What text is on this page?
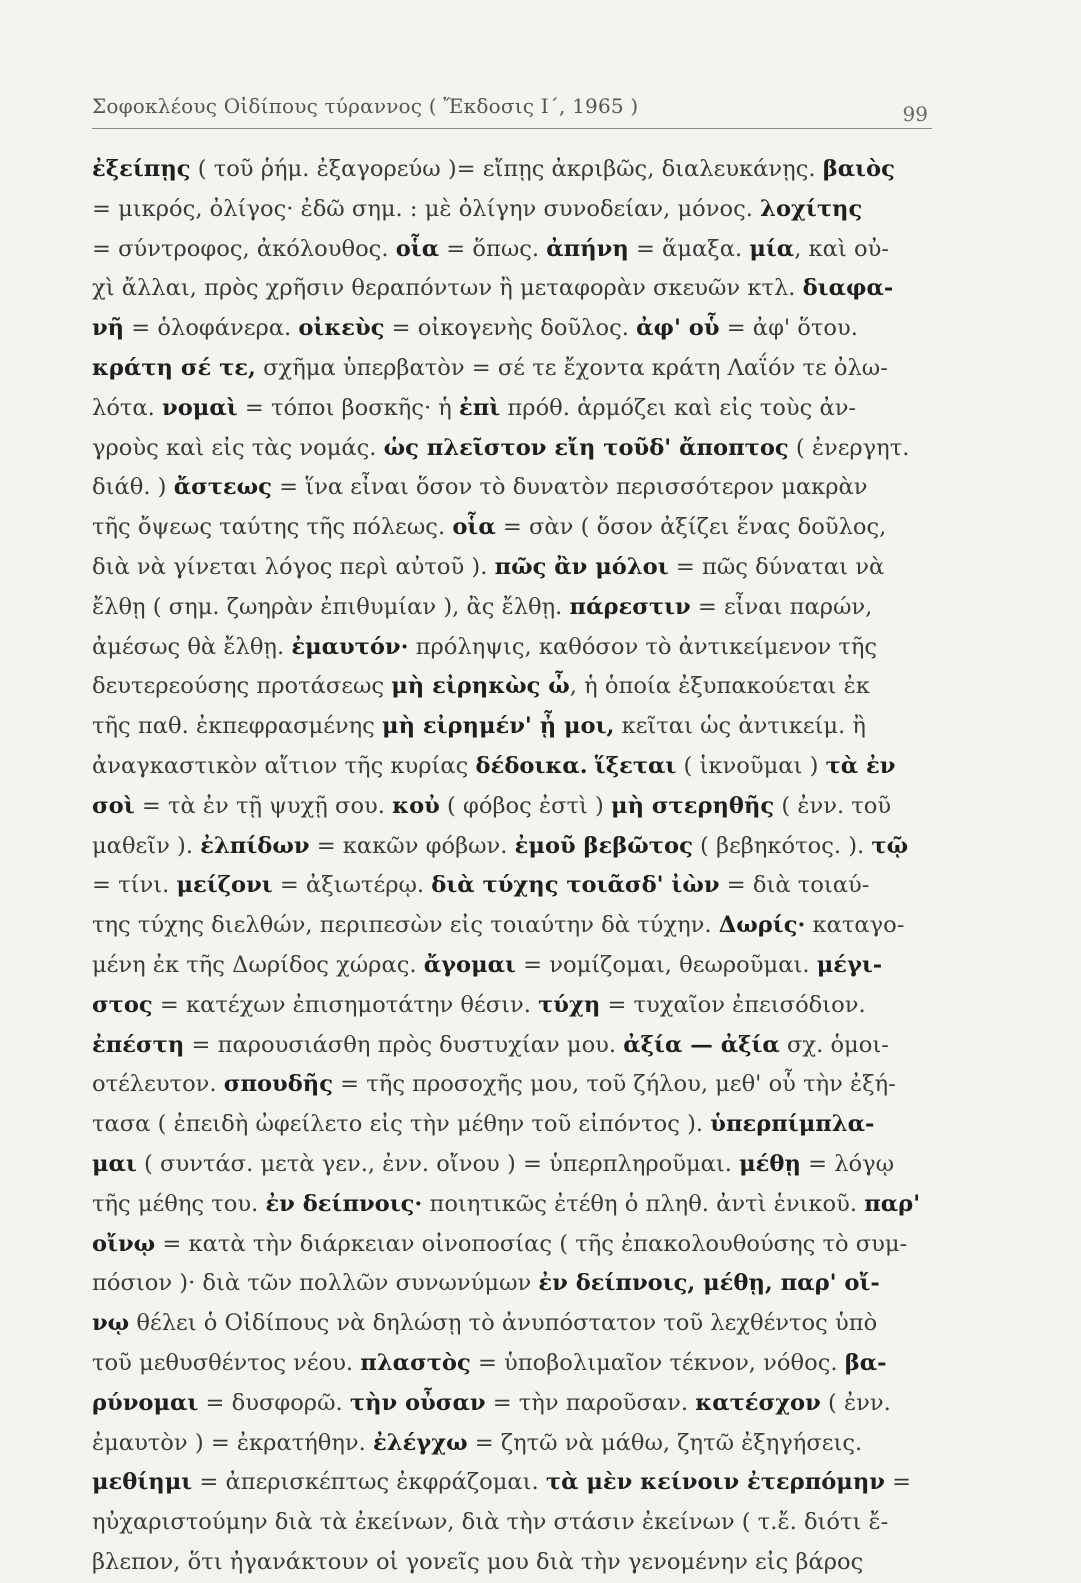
Σοφοκλέους Οἰδίπους τύραννος ( Ἔκδοσις Ι΄, 1965 )	99
ἐξείπῃς ( τοῦ ῥήμ. ἐξαγορεύω )= εἴπῃς ἀκριβῶς, διαλευκάνῃς. βαιὸς
= μικρός, ὀλίγος· ἐδῶ σημ. : μὲ ὀλίγην συνοδείαν, μόνος. λοχίτης
= σύντροφος, ἀκόλουθος. οἷα = ὅπως. ἀπήνη = ἅμαξα. μία, καὶ οὐ-
χὶ ἄλλαι, πρὸς χρῆσιν θεραπόντων ἢ μεταφορὰν σκευῶν κτλ. διαφα-
νῆ = ὁλοφάνερα. οἰκεὺς = οἰκογενὴς δοῦλος. ἀφ' οὗ = ἀφ' ὅτου.
κράτη σέ τε, σχῆμα ὑπερβατὸν = σέ τε ἔχοντα κράτη Λαΐόν τε ὀλω-
λότα. νομαὶ = τόποι βοσκῆς· ἡ ἐπὶ πρόθ. ἁρμόζει καὶ εἰς τοὺς ἀν-
γροὺς καὶ εἰς τὰς νομάς. ὡς πλεῖστον εἴη τοῦδ' ἄποπτος ( ἐνεργητ.
διάθ. ) ἄστεως = ἵνα εἶναι ὅσον τὸ δυνατὸν περισσότερον μακρὰν
τῆς ὄψεως ταύτης τῆς πόλεως. οἷα = σὰν ( ὅσον ἀξίζει ἕνας δοῦλος,
διὰ νὰ γίνεται λόγος περὶ αὐτοῦ ). πῶς ἂν μόλοι = πῶς δύναται νὰ
ἔλθῃ ( σημ. ζωηρὰν ἐπιθυμίαν ), ἂς ἔλθῃ. πάρεστιν = εἶναι παρών,
ἀμέσως θὰ ἔλθῃ. ἐμαυτόν· πρόληψις, καθόσον τὸ ἀντικείμενον τῆς
δευτερεούσης προτάσεως μὴ εἰρηκὼς ὦ, ἡ ὁποία ἐξυπακούεται ἐκ
τῆς παθ. ἐκπεφρασμένης μὴ εἰρημέν' ᾖ μοι, κεῖται ὡς ἀντικείμ. ἢ
ἀναγκαστικὸν αἴτιον τῆς κυρίας δέδοικα. ἵξεται ( ἱκνοῦμαι ) τὰ ἐν
σοὶ = τὰ ἐν τῇ ψυχῇ σου. κοὐ ( φόβος ἐστὶ ) μὴ στερηθῆς ( ἐνν. τοῦ
μαθεῖν ). ἐλπίδων = κακῶν φόβων. ἐμοῦ βεβῶτος ( βεβηκότος. ). τῷ
= τίνι. μείζονι = ἀξιωτέρῳ. διὰ τύχης τοιᾶσδ' ἰὼν = διὰ τοιαύ-
της τύχης διελθών, περιπεσὼν εἰς τοιαύτην δὰ τύχην. Δωρίς· καταγο-
μένη ἐκ τῆς Δωρίδος χώρας. ἄγομαι = νομίζομαι, θεωροῦμαι. μέγι-
στος = κατέχων ἐπισημοτάτην θέσιν. τύχη = τυχαῖον ἐπεισόδιον.
ἐπέστη = παρουσιάσθη πρὸς δυστυχίαν μου. ἀξία — ἀξία σχ. ὁμοι-
οτέλευτον. σπουδῆς = τῆς προσοχῆς μου, τοῦ ζήλου, μεθ' οὗ τὴν ἐξή-
τασα ( ἐπειδὴ ὠφείλετο εἰς τὴν μέθην τοῦ εἰπόντος ). ὑπερπίμπλα-
μαι ( συντάσ. μετὰ γεν., ἐνν. οἴνου ) = ὑπερπληροῦμαι. μέθῃ = λόγῳ
τῆς μέθης του. ἐν δείπνοις· ποιητικῶς ἐτέθη ὁ πληθ. ἀντὶ ἑνικοῦ. παρ'
οἴνῳ = κατὰ τὴν διάρκειαν οἰνοποσίας ( τῆς ἐπακολουθούσης τὸ συμ-
πόσιον )· διὰ τῶν πολλῶν συνωνύμων ἐν δείπνοις, μέθῃ, παρ' οἴ-
νῳ θέλει ὁ Οἰδίπους νὰ δηλώσῃ τὸ ἀνυπόστατον τοῦ λεχθέντος ὑπὸ
τοῦ μεθυσθέντος νέου. πλαστὸς = ὑποβολιμαῖον τέκνον, νόθος. βα-
ρύνομαι = δυσφορῶ. τὴν οὖσαν = τὴν παροῦσαν. κατέσχον ( ἐνν.
ἐμαυτὸν ) = ἐκρατήθην. ἐλέγχω = ζητῶ νὰ μάθω, ζητῶ ἐξηγήσεις.
μεθίημι = ἀπερισκέπτως ἐκφράζομαι. τὰ μὲν κείνοιν ἐτερπόμην =
ηὐχαριστούμην διὰ τὰ ἐκείνων, διὰ τὴν στάσιν ἐκείνων ( τ.ἔ. διότι ἔ-
βλεπον, ὅτι ἠγανάκτουν οἱ γονεῖς μου διὰ τὴν γενομένην εἰς βάρος
